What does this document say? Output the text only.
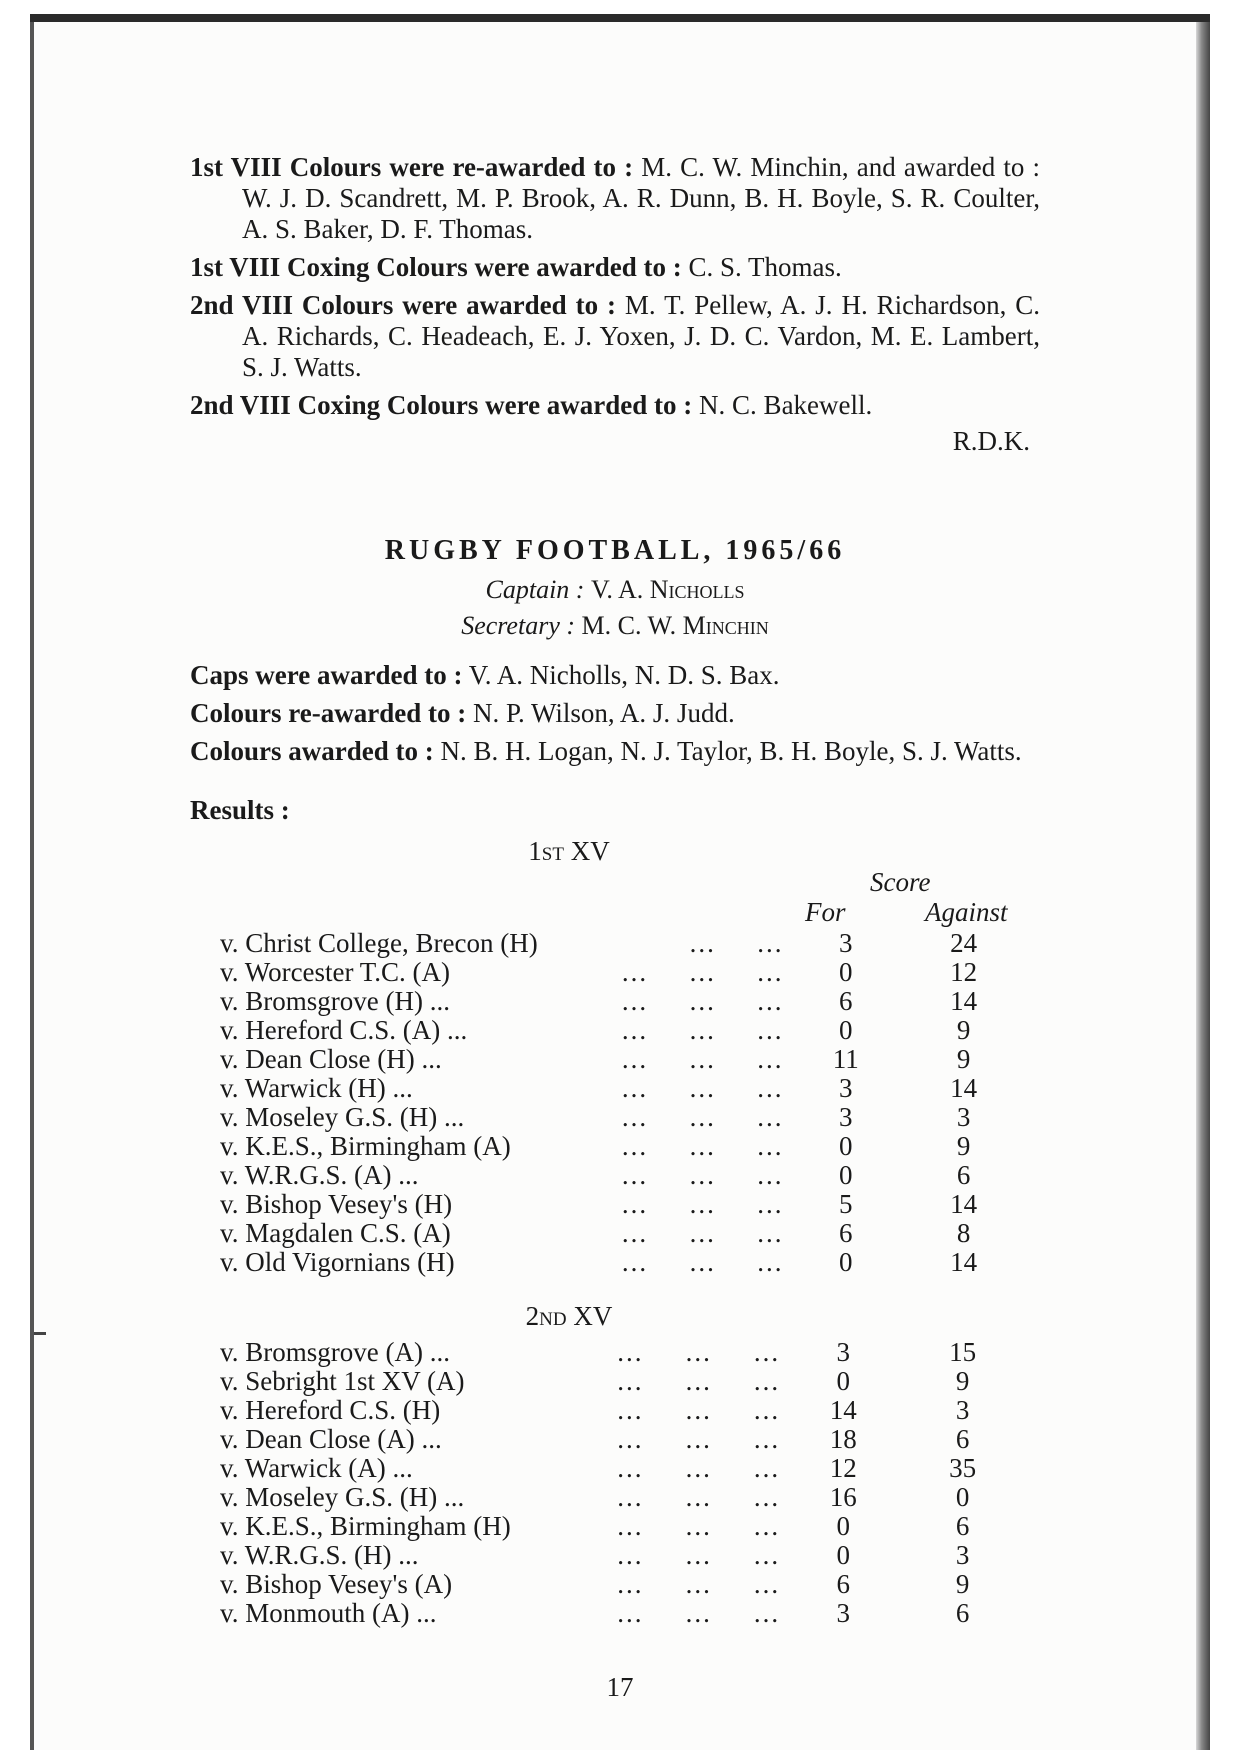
1st VIII Colours were re-awarded to : M. C. W. Minchin, and awarded to : W. J. D. Scandrett, M. P. Brook, A. R. Dunn, B. H. Boyle, S. R. Coulter, A. S. Baker, D. F. Thomas.

1st VIII Coxing Colours were awarded to : C. S. Thomas.

2nd VIII Colours were awarded to : M. T. Pellew, A. J. H. Richardson, C. A. Richards, C. Headeach, E. J. Yoxen, J. D. C. Vardon, M. E. Lambert, S. J. Watts.

2nd VIII Coxing Colours were awarded to : N. C. Bakewell.

R.D.K.
RUGBY FOOTBALL, 1965/66
Captain : V. A. Nicholls
Secretary : M. C. W. Minchin

Caps were awarded to : V. A. Nicholls, N. D. S. Bax.

Colours re-awarded to : N. P. Wilson, A. J. Judd.

Colours awarded to : N. B. H. Logan, N. J. Taylor, B. H. Boyle, S. J. Watts.

Results :
1st XV
Score
For	Against
v. Christ College, Brecon (H)		...	...	3	24
v. Worcester T.C. (A)	...	...	...	0	12
v. Bromsgrove (H) ...	...	...	...	6	14
v. Hereford C.S. (A) ...	...	...	...	0	9
v. Dean Close (H) ...	...	...	...	11	9
v. Warwick (H) ...	...	...	...	3	14
v. Moseley G.S. (H) ...	...	...	...	3	3
v. K.E.S., Birmingham (A)	...	...	...	0	9
v. W.R.G.S. (A) ...	...	...	...	0	6
v. Bishop Vesey's (H)	...	...	...	5	14
v. Magdalen C.S. (A)	...	...	...	6	8
v. Old Vigornians (H)	...	...	...	0	14
2nd XV
v. Bromsgrove (A) ...	...	...	...	3	15
v. Sebright 1st XV (A)	...	...	...	0	9
v. Hereford C.S. (H)	...	...	...	14	3
v. Dean Close (A) ...	...	...	...	18	6
v. Warwick (A) ...	...	...	...	12	35
v. Moseley G.S. (H) ...	...	...	...	16	0
v. K.E.S., Birmingham (H)	...	...	...	0	6
v. W.R.G.S. (H) ...	...	...	...	0	3
v. Bishop Vesey's (A)	...	...	...	6	9
v. Monmouth (A) ...	...	...	...	3	6
17
